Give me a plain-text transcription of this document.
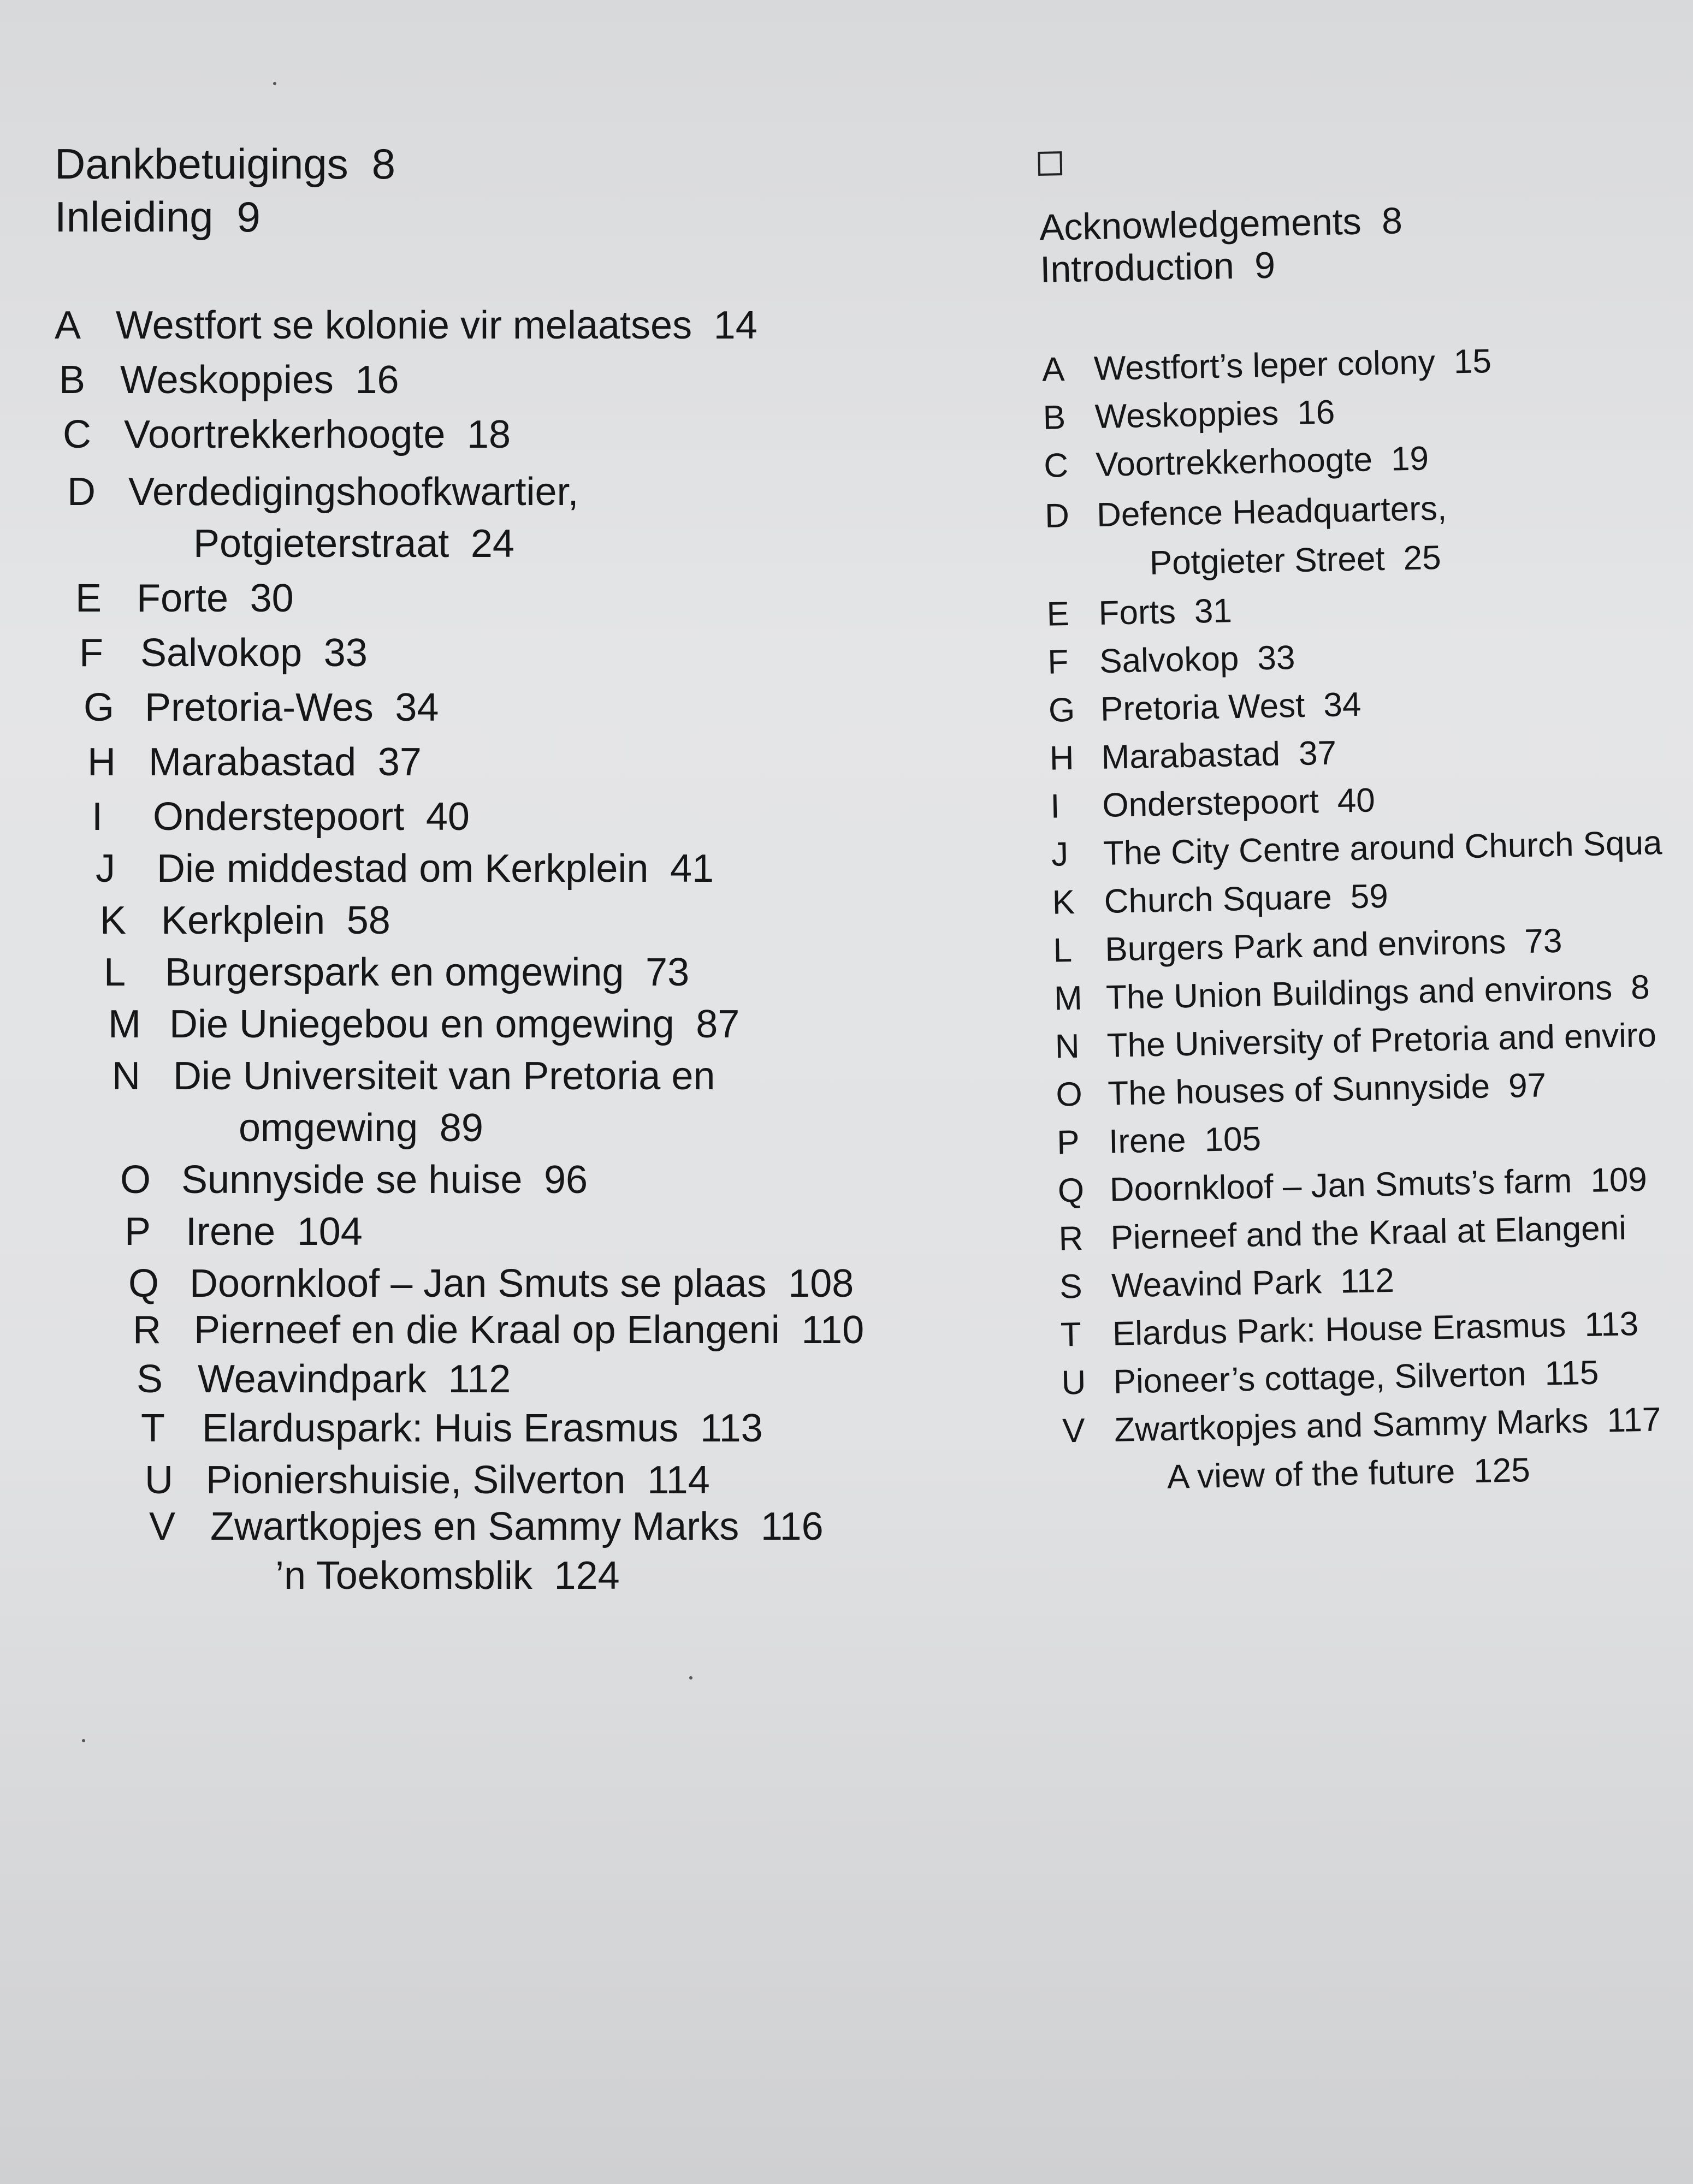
Dankbetuigings 8
Inleiding 9
A Westfort se kolonie vir melaatses 14
B Weskoppies 16
C Voortrekkerhoogte 18
D Verdedigingshoofkwartier,
Potgieterstraat 24
E Forte 30
F Salvokop 33
G Pretoria-Wes 34
H Marabastad 37
I Onderstepoort 40
J Die middestad om Kerkplein 41
K Kerkplein 58
L Burgerspark en omgewing 73
M Die Uniegebou en omgewing 87
N Die Universiteit van Pretoria en
omgewing 89
O Sunnyside se huise 96
P Irene 104
Q Doornkloof – Jan Smuts se plaas 108
R Pierneef en die Kraal op Elangeni 110
S Weavindpark 112
T Elarduspark: Huis Erasmus 113
U Pioniershuisie, Silverton 114
V Zwartkopjes en Sammy Marks 116
’n Toekomsblik 124
Acknowledgements 8
Introduction 9
A Westfort’s leper colony 15
B Weskoppies 16
C Voortrekkerhoogte 19
D Defence Headquarters,
Potgieter Street 25
E Forts 31
F Salvokop 33
G Pretoria West 34
H Marabastad 37
I Onderstepoort 40
J The City Centre around Church Squa
K Church Square 59
L Burgers Park and environs 73
M The Union Buildings and environs 8
N The University of Pretoria and enviro
O The houses of Sunnyside 97
P Irene 105
Q Doornkloof – Jan Smuts’s farm 109
R Pierneef and the Kraal at Elangeni
S Weavind Park 112
T Elardus Park: House Erasmus 113
U Pioneer’s cottage, Silverton 115
V Zwartkopjes and Sammy Marks 117
A view of the future 125
